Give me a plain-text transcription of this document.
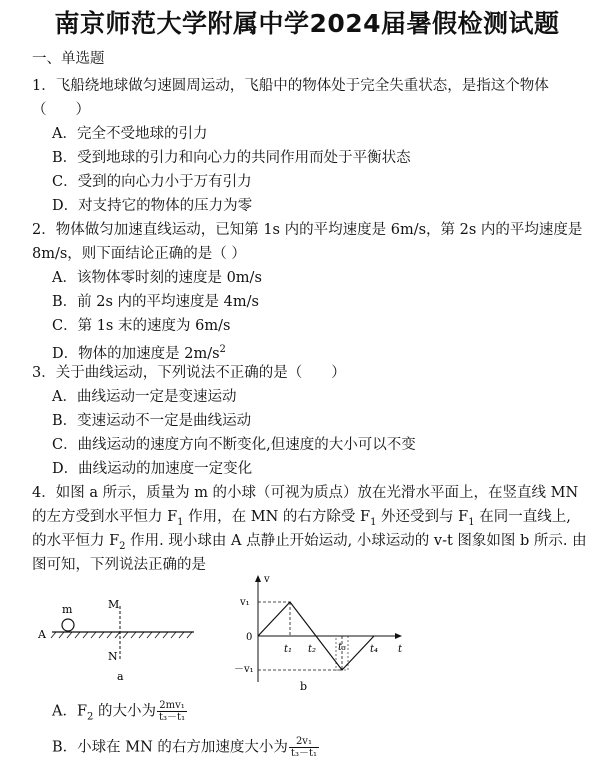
南京师范大学附属中学2024届暑假检测试题
一、单选题
1．飞船绕地球做匀速圆周运动，飞船中的物体处于完全失重状态，是指这个物体
（　　）
A．完全不受地球的引力
B．受到地球的引力和向心力的共同作用而处于平衡状态
C．受到的向心力小于万有引力
D．对支持它的物体的压力为零
2．物体做匀加速直线运动，已知第 1s 内的平均速度是 6m/s，第 2s 内的平均速度是
8m/s，则下面结论正确的是（ ）
A．该物体零时刻的速度是 0m/s
B．前 2s 内的平均速度是 4m/s
C．第 1s 末的速度为 6m/s
D．物体的加速度是 $2m/s^2$
3．关于曲线运动，下列说法不正确的是（　　）
A．曲线运动一定是变速运动
B．变速运动不一定是曲线运动
C．曲线运动的速度方向不断变化,但速度的大小可以不变
D．曲线运动的加速度一定变化
4．如图 a 所示，质量为 m 的小球（可视为质点）放在光滑水平面上，在竖直线 MN
的左方受到水平恒力 $F_1$ 作用，在 MN 的右方除受 $F_1$ 外还受到与 $F_1$ 在同一直线上,
的水平恒力 $F_2$ 作用. 现小球由 A 点静止开始运动, 小球运动的 v-t 图象如图 b 所示. 由
图可知，下列说法正确的是
m
A
M
N
a
v
t
0
v₁
－v₁
t₁ t₂ t₃ t₄
b
A．$F_2$ 的大小为 $\frac{\text{2mv₁}}{\text{t₃－t₁}}$
B．小球在 MN 的右方加速度大小为 $\frac{\text{2v₁}}{\text{t₃－t₁}}$
